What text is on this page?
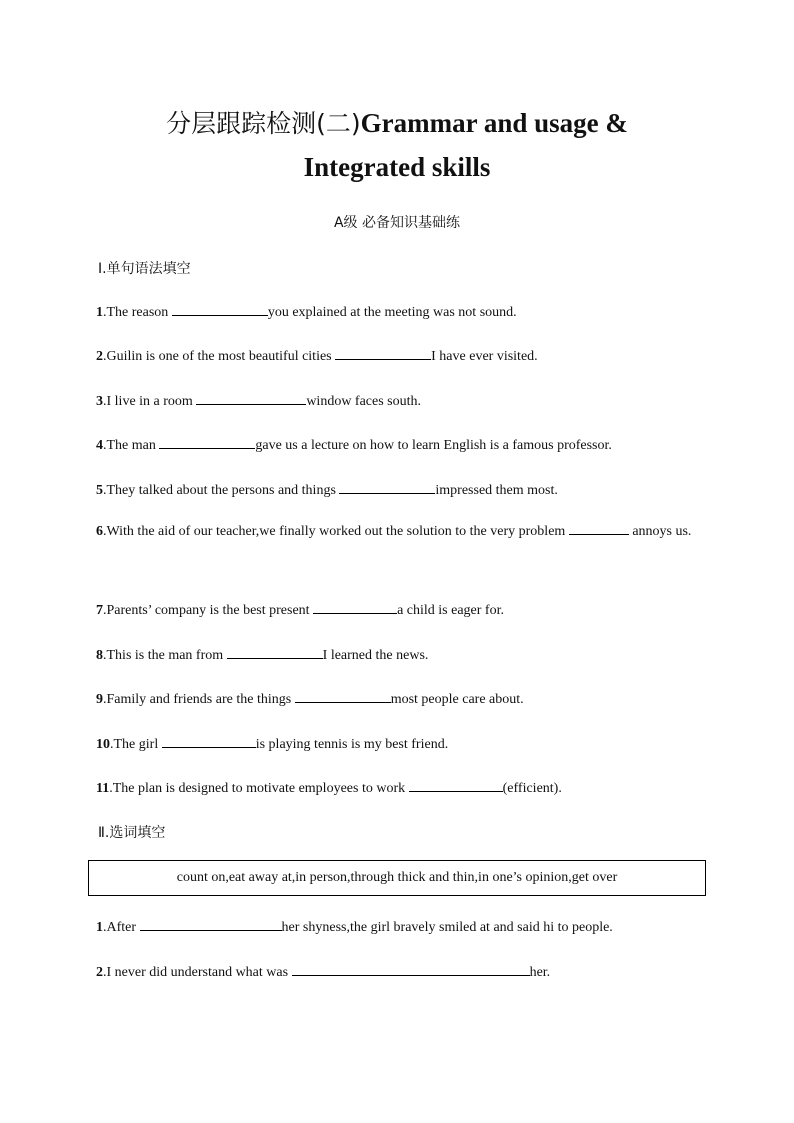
分层跟踪检测(二)Grammar and usage &
Integrated skills
A级 必备知识基础练
Ⅰ.单句语法填空
1.The reason	you explained at the meeting was not sound.
2.Guilin is one of the most beautiful cities	I have ever visited.
3.I live in a room	window faces south.
4.The man	gave us a lecture on how to learn English is a famous professor.
5.They talked about the persons and things	impressed them most.
6.With the aid of our teacher,we finally worked out the solution to the very problem	annoys us.
7.Parents’ company is the best present	a child is eager for.
8.This is the man from	I learned the news.
9.Family and friends are the things	most people care about.
10.The girl	is playing tennis is my best friend.
11.The plan is designed to motivate employees to work	(efficient).
Ⅱ.选词填空
count on,eat away at,in person,through thick and thin,in one’s opinion,get over
1.After	her shyness,the girl bravely smiled at and said hi to people.
2.I never did understand what was	her.
